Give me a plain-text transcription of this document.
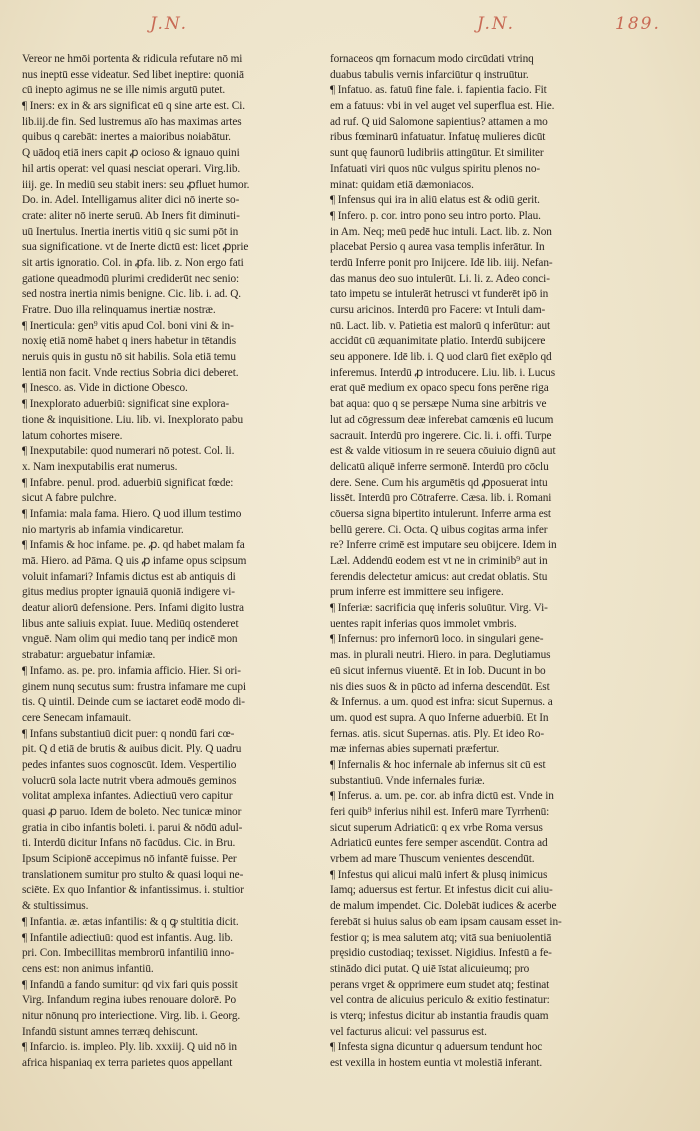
J.N.	J.N.	189.
Vereor ne hmōi portenta & ridicula refutare nō mi
nus ineptū esse videatur. Sed libet ineptire: quoniā
cū inepto agimus ne se ille nimis argutū putet.
¶ Iners: ex in & ars significat eū q sine arte est. Ci.
lib.iij.de fin. Sed lustremus aīo has maximas artes
quibus q carebāt: inertes a maioribus noiabātur.
Q uādoq etiā iners capit ꝓ ocioso & ignauo quini
hil artis operat: vel quasi nesciat operari. Virg.lib.
iiij. ge. In mediū seu stabit iners: seu ꝓfluet humor.
Do. in. Adel. Intelligamus aliter dici nō inerte so-
crate: aliter nō inerte seruū. Ab Iners fit diminuti-
uū Inertulus. Inertia inertis vitiū q sic sumi pōt in
sua significatione. vt de Inerte dictū est: licet ꝓprie
sit artis ignoratio. Col. in ꝓfa. lib. z. Non ergo fati
gatione queadmodū plurimi crediderūt nec senio:
sed nostra inertia nimis benigne. Cic. lib. i. ad. Q.
Fratre. Duo illa relinquamus inertiæ nostræ.
¶ Inerticula: gen⁹ vitis apud Col. boni vini & in-
noxię etiā nomē habet q iners habetur in tētandis
neruis quis in gustu nō sit habilis. Sola etiā temu
lentiā non facit. Vnde rectius Sobria dici deberet.
¶ Inesco. as. Vide in dictione Obesco.
¶ Inexplorato aduerbiū: significat sine explora-
tione & inquisitione. Liu. lib. vi. Inexplorato pabu
latum cohortes misere.
¶ Inexputabile: quod numerari nō potest. Col. li.
x. Nam inexputabilis erat numerus.
¶ Infabre. penul. prod. aduerbiū significat fœde:
sicut A fabre pulchre.
¶ Infamia: mala fama. Hiero. Q uod illum testimo
nio martyris ab infamia vindicaretur.
¶ Infamis & hoc infame. pe. ꝓ. qd habet malam fa
mā. Hiero. ad Pāma. Q uis ꝓ infame opus scipsum
voluit infamari? Infamis dictus est ab antiquis di
gitus medius propter ignauiā quoniā indigere vi-
deatur aliorū defensione. Pers. Infami digito lustra
libus ante saliuis expiat. Iuue. Mediūq ostenderet
vnguē. Nam olim qui medio tanq per indicē mon
strabatur: arguebatur infamiæ.
¶ Infamo. as. pe. pro. infamia afficio. Hier. Si ori-
ginem nunq secutus sum: frustra infamare me cupi
tis. Q uintil. Deinde cum se iactaret eodē modo di-
cere Senecam infamauit.
¶ Infans substantiuū dicit puer: q nondū fari cœ-
pit. Q d etiā de brutis & auibus dicit. Ply. Q uadru
pedes infantes suos cognoscūt. Idem. Vespertilio
volucrū sola lacte nutrit vbera admouēs geminos
volitat amplexa infantes. Adiectiuū vero capitur
quasi ꝓ paruo. Idem de boleto. Nec tunicæ minor
gratia in cibo infantis boleti. i. parui & nōdū adul-
ti. Interdū dicitur Infans nō facūdus. Cic. in Bru.
Ipsum Scipionē accepimus nō infantē fuisse. Per
translationem sumitur pro stulto & quasi loqui ne-
sciēte. Ex quo Infantior & infantissimus. i. stultior
& stultissimus.
¶ Infantia. æ. ætas infantilis: & q ꝙ stultitia dicit.
¶ Infantile adiectiuū: quod est infantis. Aug. lib.
pri. Con. Imbecillitas membrorū infantiliū inno-
cens est: non animus infantiū.
¶ Infandū a fando sumitur: qd vix fari quis possit
Virg. Infandum regina iubes renouare dolorē. Po
nitur nōnunq pro interiectione. Virg. lib. i. Georg.
Infandū sistunt amnes terræq dehiscunt.
¶ Infarcio. is. impleo. Ply. lib. xxxiij. Q uid nō in
africa hispaniaq ex terra parietes quos appellant
fornaceos qm fornacum modo circūdati vtrinq
duabus tabulis vernis infarciūtur q instruūtur.
¶ Infatuo. as. fatuū fine fale. i. fapientia facio. Fit
em a fatuus: vbi in vel auget vel superflua est. Hie.
ad ruf. Q uid Salomone sapientius? attamen a mo
ribus fœminarū infatuatur. Infatuę mulieres dicūt
sunt quę faunorū ludibriis attingūtur. Et similiter
Infatuati viri quos nūc vulgus spiritu plenos no-
minat: quidam etiā dæmoniacos.
¶ Infensus qui ira in aliū elatus est & odiū gerit.
¶ Infero. p. cor. intro pono seu intro porto. Plau.
in Am. Neq; meū pedē huc intuli. Lact. lib. z. Non
placebat Persio q aurea vasa templis inferātur. In
terdū Inferre ponit pro Inijcere. Idē lib. iiij. Nefan-
das manus deo suo intulerūt. Li. li. z. Adeo conci-
tato impetu se intulerāt hetrusci vt funderēt ipō in
cursu aricinos. Interdū pro Facere: vt Intuli dam-
nū. Lact. lib. v. Patietia est malorū q inferūtur: aut
accidūt cū æquanimitate platio. Interdū subijcere
seu apponere. Idē lib. i. Q uod clarū fiet exēplo qd
inferemus. Interdū ꝓ introducere. Liu. lib. i. Lucus
erat quē medium ex opaco specu fons perēne riga
bat aqua: quo q se persæpe Numa sine arbitris ve
lut ad cōgressum deæ inferebat camœnis eū lucum
sacrauit. Interdū pro ingerere. Cic. li. i. offi. Turpe
est & valde vitiosum in re seuera cōuiuio dignū aut
delicatū aliquē inferre sermonē. Interdū pro cōclu
dere. Sene. Cum his argumētis qd ꝓposuerat intu
lissēt. Interdū pro Cōtraferre. Cæsa. lib. i. Romani
cōuersa signa bipertito intulerunt. Inferre arma est
bellū gerere. Ci. Octa. Q uibus cogitas arma infer
re? Inferre crimē est imputare seu obijcere. Idem in
Læl. Addendū eodem est vt ne in criminib⁹ aut in
ferendis delectetur amicus: aut credat oblatis. Stu
prum inferre est immittere seu infigere.
¶ Inferiæ: sacrificia quę inferis soluūtur. Virg. Vi-
uentes rapit inferias quos immolet vmbris.
¶ Infernus: pro infernorū loco. in singulari gene-
mas. in plurali neutri. Hiero. in para. Deglutiamus
eū sicut infernus viuentē. Et in Iob. Ducunt in bo
nis dies suos & in pūcto ad inferna descendūt. Est
& Infernus. a um. quod est infra: sicut Supernus. a
um. quod est supra. A quo Inferne aduerbiū. Et In
fernas. atis. sicut Supernas. atis. Ply. Et ideo Ro-
mæ infernas abies supernati præfertur.
¶ Infernalis & hoc infernale ab infernus sit cū est
substantiuū. Vnde infernales furiæ.
¶ Inferus. a. um. pe. cor. ab infra dictū est. Vnde in
feri quib⁹ inferius nihil est. Inferū mare Tyrrhenū:
sicut superum Adriaticū: q ex vrbe Roma versus
Adriaticū euntes fere semper ascendūt. Contra ad
vrbem ad mare Thuscum venientes descendūt.
¶ Infestus qui alicui malū infert & plusq inimicus
Iamq; aduersus est fertur. Et infestus dicit cui aliu-
de malum impendet. Cic. Dolebāt iudices & acerbe
ferebāt si huius salus ob eam ipsam causam esset in-
festior q; is mea salutem atq; vitā sua beniuolentiā
pręsidio custodiaq; texisset. Nigidius. Infestū a fe-
stinādo dici putat. Q uiē īstat alicuieumq; pro
perans vrget & opprimere eum studet atq; festinat
vel contra de alicuius periculo & exitio festinatur:
is vterq; infestus dicitur ab instantia fraudis quam
vel facturus alicui: vel passurus est.
¶ Infesta signa dicuntur q aduersum tendunt hoc
est vexilla in hostem euntia vt molestiā inferant.
